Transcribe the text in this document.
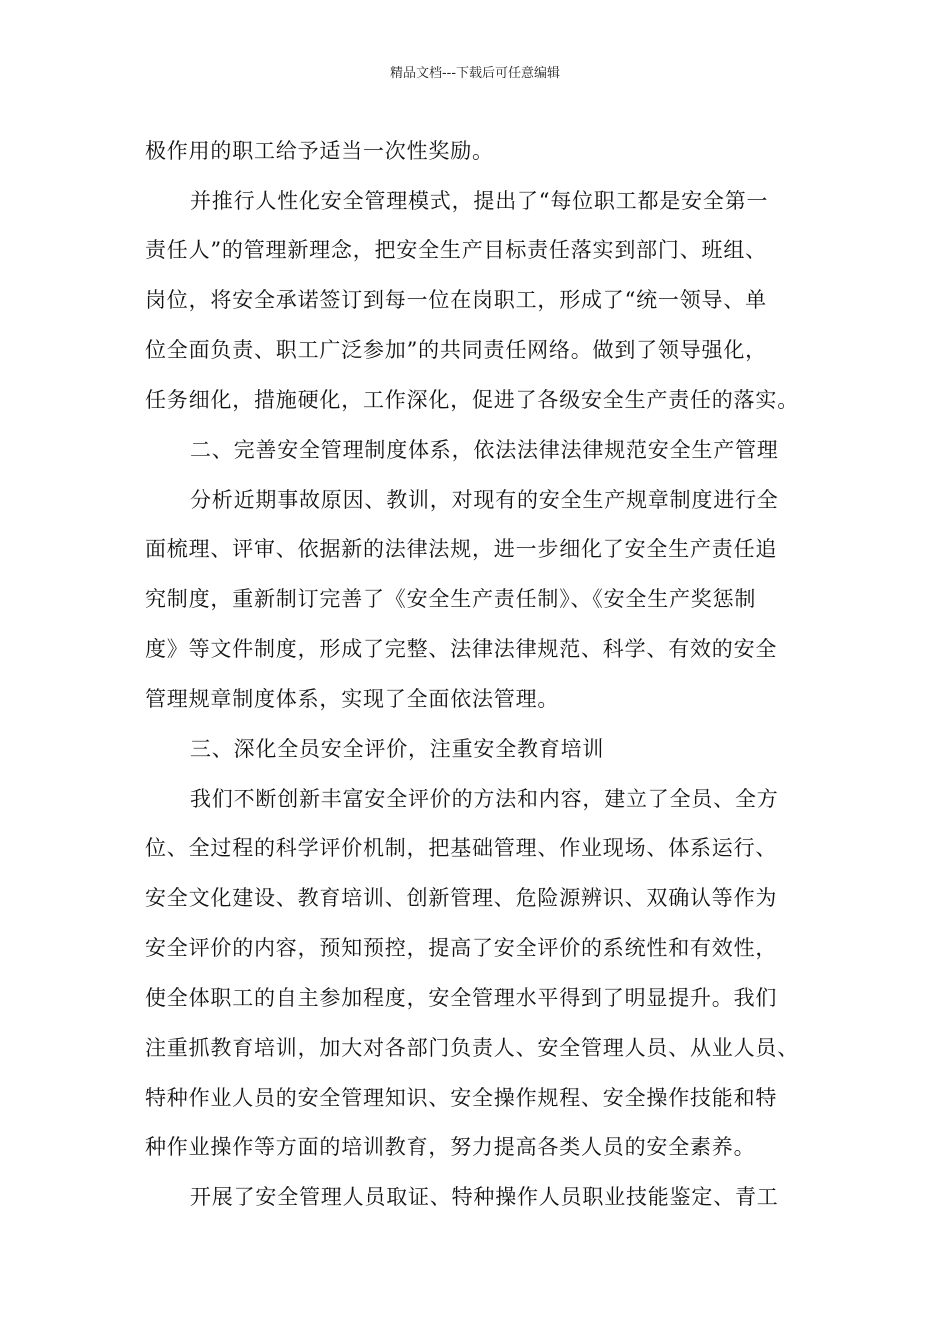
精品文档---下载后可任意编辑
极作用的职工给予适当一次性奖励。
并推行人性化安全管理模式，提出了“每位职工都是安全第一
责任人”的管理新理念，把安全生产目标责任落实到部门、班组、
岗位，将安全承诺签订到每一位在岗职工，形成了“统一领导、单
位全面负责、职工广泛参加”的共同责任网络。做到了领导强化，
任务细化，措施硬化，工作深化，促进了各级安全生产责任的落实。
二、完善安全管理制度体系，依法法律法律规范安全生产管理
分析近期事故原因、教训，对现有的安全生产规章制度进行全
面梳理、评审、依据新的法律法规，进一步细化了安全生产责任追
究制度，重新制订完善了《安全生产责任制》、《安全生产奖惩制
度》等文件制度，形成了完整、法律法律规范、科学、有效的安全
管理规章制度体系，实现了全面依法管理。
三、深化全员安全评价，注重安全教育培训
我们不断创新丰富安全评价的方法和内容，建立了全员、全方
位、全过程的科学评价机制，把基础管理、作业现场、体系运行、
安全文化建设、教育培训、创新管理、危险源辨识、双确认等作为
安全评价的内容，预知预控，提高了安全评价的系统性和有效性，
使全体职工的自主参加程度，安全管理水平得到了明显提升。我们
注重抓教育培训，加大对各部门负责人、安全管理人员、从业人员、
特种作业人员的安全管理知识、安全操作规程、安全操作技能和特
种作业操作等方面的培训教育，努力提高各类人员的安全素养。
开展了安全管理人员取证、特种操作人员职业技能鉴定、青工
